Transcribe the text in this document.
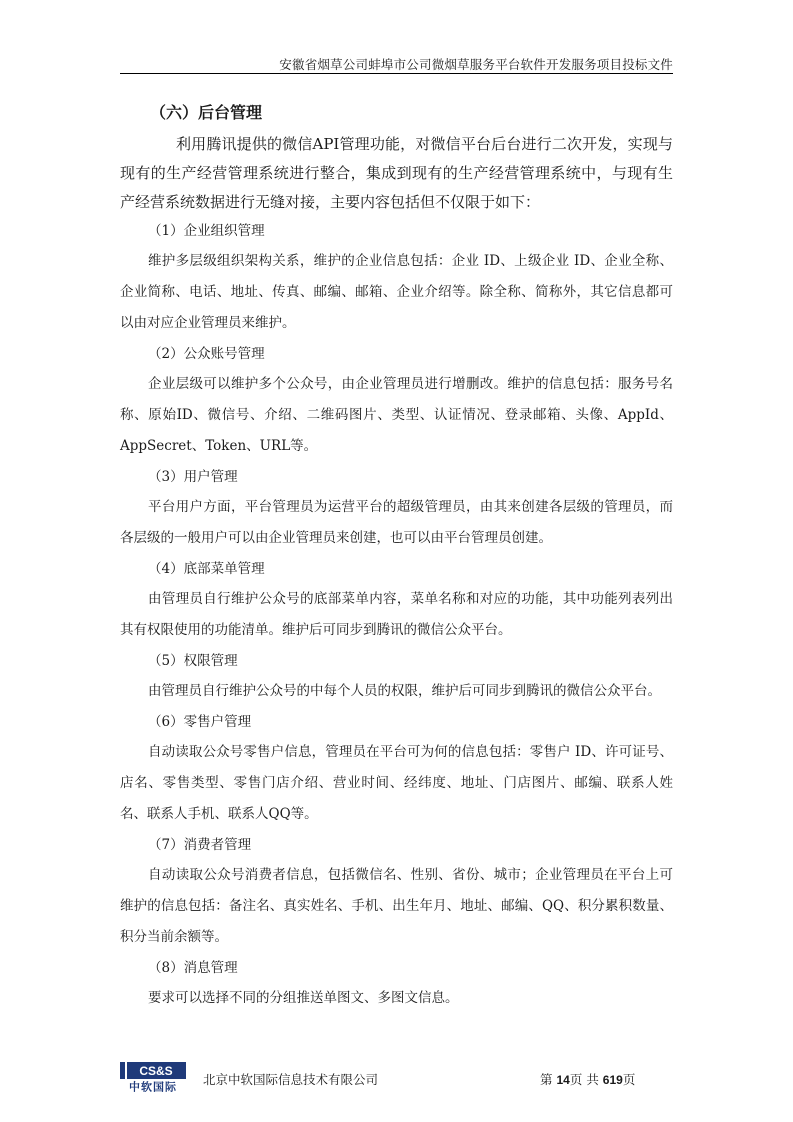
安徽省烟草公司蚌埠市公司微烟草服务平台软件开发服务项目投标文件
（六）后台管理

利用腾讯提供的微信API管理功能，对微信平台后台进行二次开发，实现与现有的生产经营管理系统进行整合，集成到现有的生产经营管理系统中，与现有生产经营系统数据进行无缝对接，主要内容包括但不仅限于如下：

（1）企业组织管理

维护多层级组织架构关系，维护的企业信息包括：企业 ID、上级企业 ID、企业全称、企业简称、电话、地址、传真、邮编、邮箱、企业介绍等。除全称、简称外，其它信息都可以由对应企业管理员来维护。

（2）公众账号管理

企业层级可以维护多个公众号，由企业管理员进行增删改。维护的信息包括：服务号名称、原始ID、微信号、介绍、二维码图片、类型、认证情况、登录邮箱、头像、AppId、AppSecret、Token、URL等。

（3）用户管理

平台用户方面，平台管理员为运营平台的超级管理员，由其来创建各层级的管理员，而各层级的一般用户可以由企业管理员来创建，也可以由平台管理员创建。

（4）底部菜单管理

由管理员自行维护公众号的底部菜单内容，菜单名称和对应的功能，其中功能列表列出其有权限使用的功能清单。维护后可同步到腾讯的微信公众平台。

（5）权限管理

由管理员自行维护公众号的中每个人员的权限，维护后可同步到腾讯的微信公众平台。

（6）零售户管理

自动读取公众号零售户信息，管理员在平台可为何的信息包括：零售户 ID、许可证号、店名、零售类型、零售门店介绍、营业时间、经纬度、地址、门店图片、邮编、联系人姓名、联系人手机、联系人QQ等。

（7）消费者管理

自动读取公众号消费者信息，包括微信名、性别、省份、城市；企业管理员在平台上可维护的信息包括：备注名、真实姓名、手机、出生年月、地址、邮编、QQ、积分累积数量、积分当前余额等。

（8）消息管理

要求可以选择不同的分组推送单图文、多图文信息。

CS&S
中软国际 北京中软国际信息技术有限公司	第 14页 共 619页
